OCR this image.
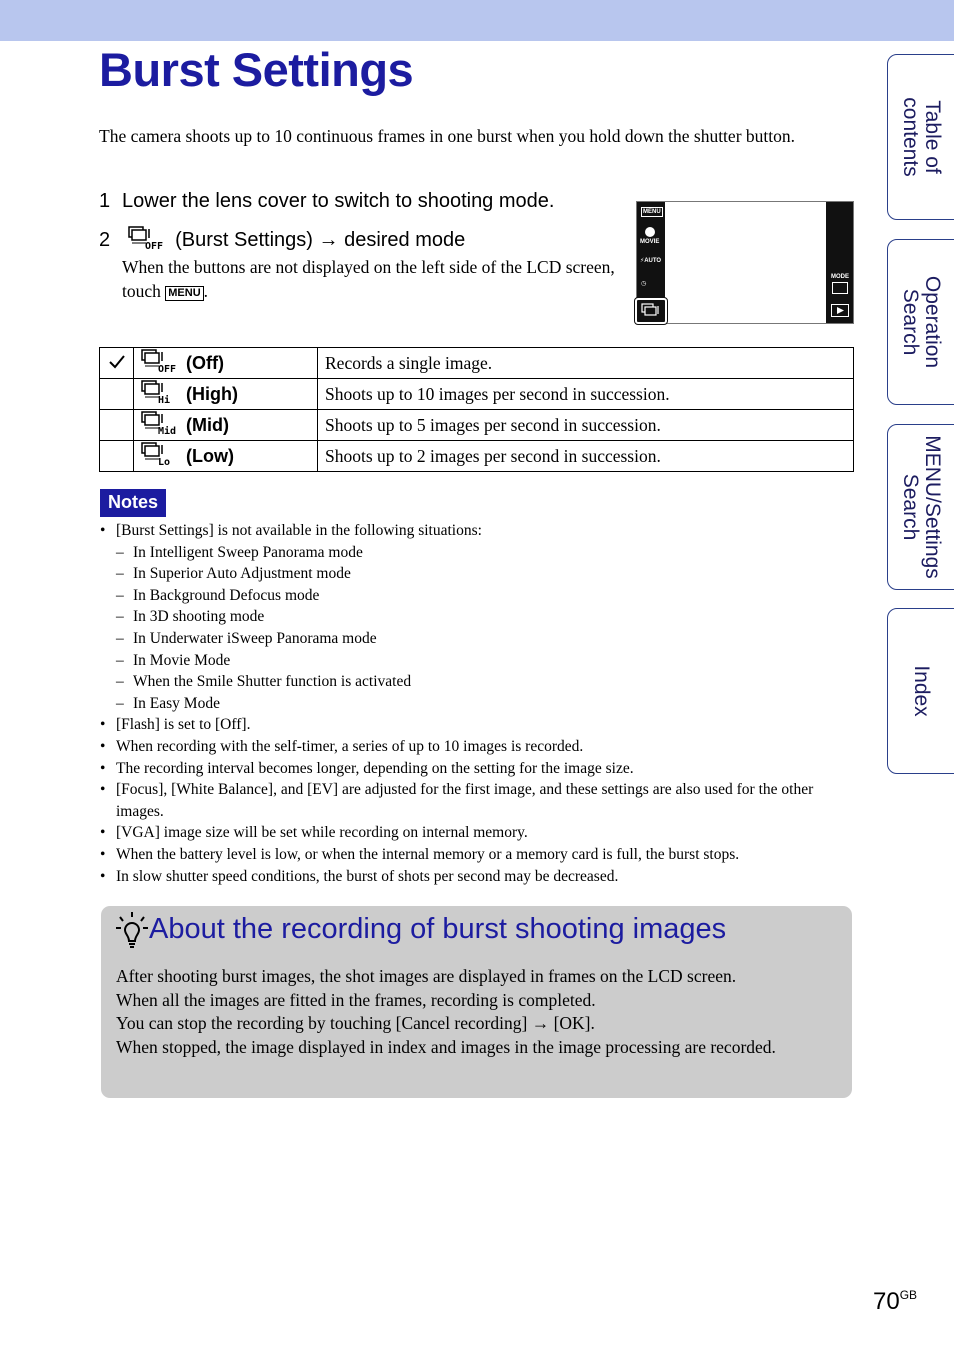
Burst Settings
The camera shoots up to 10 continuous frames in one burst when you hold down the shutter button.
1 Lower the lens cover to switch to shooting mode.
2	OFF (Burst Settings) → desired mode
When the buttons are not displayed on the left side of the LCD screen, touch MENU .
MENU
MOVIE
⚡AUTO
◷
MODE

OFF (Off)	Records a single image.

Hi (High)	Shoots up to 10 images per second in succession.

Mid (Mid)	Shoots up to 5 images per second in succession.

Lo (Low)	Shoots up to 2 images per second in succession.
Notes
• [Burst Settings] is not available in the following situations:
– In Intelligent Sweep Panorama mode
– In Superior Auto Adjustment mode
– In Background Defocus mode
– In 3D shooting mode
– In Underwater iSweep Panorama mode
– In Movie Mode
– When the Smile Shutter function is activated
– In Easy Mode
• [Flash] is set to [Off].
• When recording with the self-timer, a series of up to 10 images is recorded.
• The recording interval becomes longer, depending on the setting for the image size.
• [Focus], [White Balance], and [EV] are adjusted for the first image, and these settings are also used for the other images.
• [VGA] image size will be set while recording on internal memory.
• When the battery level is low, or when the internal memory or a memory card is full, the burst stops.
• In slow shutter speed conditions, the burst of shots per second may be decreased.
About the recording of burst shooting images
After shooting burst images, the shot images are displayed in frames on the LCD screen.
When all the images are fitted in the frames, recording is completed.
You can stop the recording by touching [Cancel recording] → [OK].
When stopped, the image displayed in index and images in the image processing are recorded.
Table of
contents
Operation
Search
MENU/Settings
Search
Index
$70^{GB}$
